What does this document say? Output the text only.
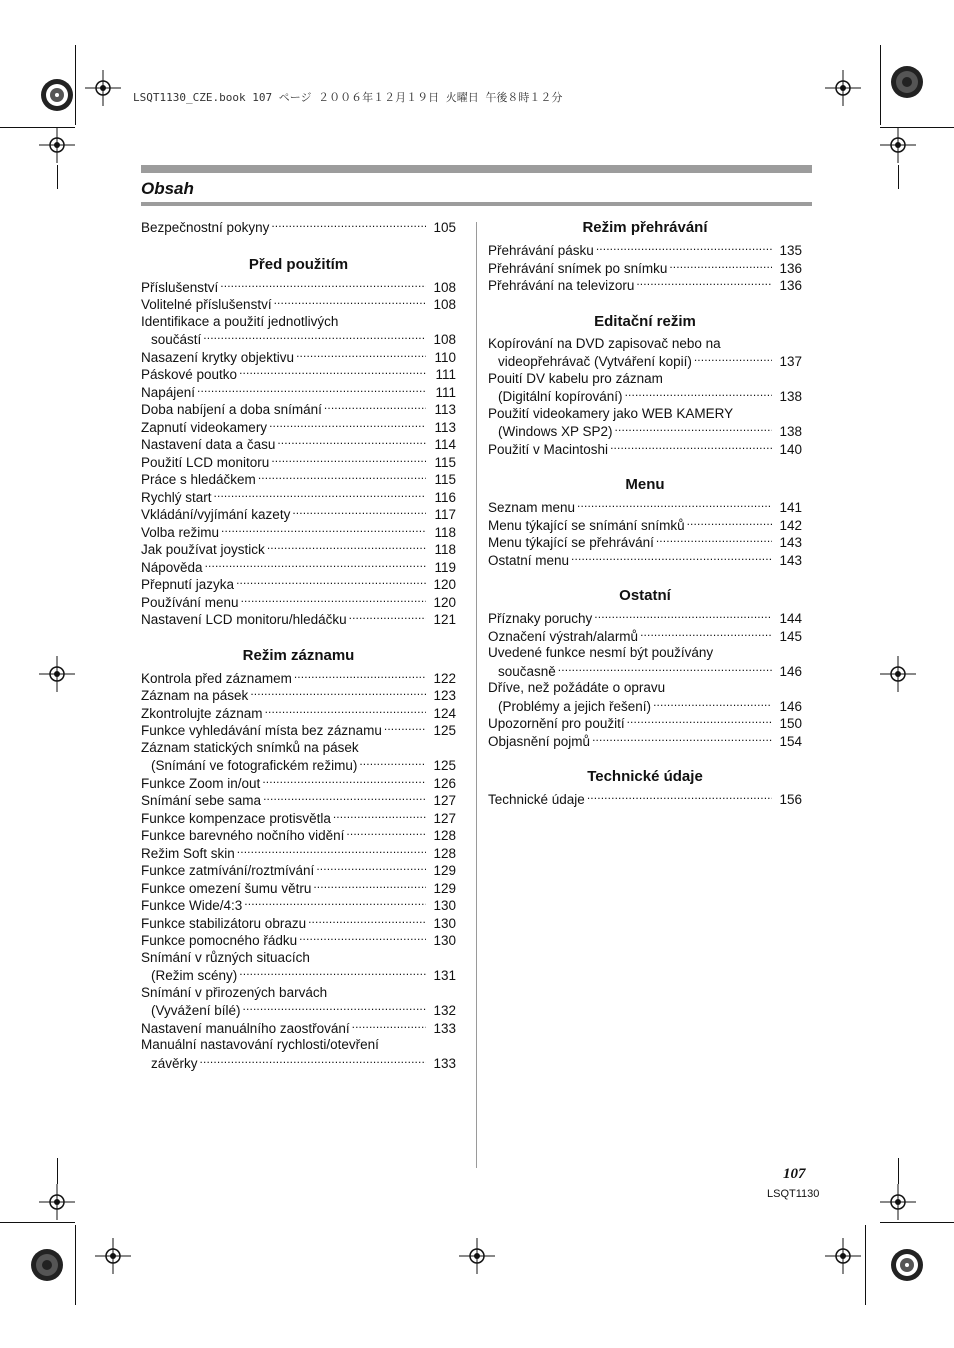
LSQT1130_CZE.book 107 ページ ２００６年１２月１９日 火曜日 午後８時１２分
Obsah
Bezpečnostní pokyny . . .	105
Před použitím
Příslušenství . . .	108
Volitelné příslušenství . . .	108
Identifikace a použití jednotlivých
součástí . . .	108
Nasazení krytky objektivu . . .	110
Páskové poutko . . .	111
Napájení . . .	111
Doba nabíjení a doba snímání . . .	113
Zapnutí videokamery . . .	113
Nastavení data a času . . .	114
Použití LCD monitoru . . .	115
Práce s hledáčkem . . .	115
Rychlý start . . .	116
Vkládání/vyjímání kazety . . .	117
Volba režimu . . .	118
Jak používat joystick . . .	118
Nápověda . . .	119
Přepnutí jazyka . . .	120
Používání menu . . .	120
Nastavení LCD monitoru/hledáčku . . .	121
Režim záznamu
Kontrola před záznamem . . .	122
Záznam na pásek . . .	123
Zkontrolujte záznam . . .	124
Funkce vyhledávání místa bez záznamu . . .	125
Záznam statických snímků na pásek
(Snímání ve fotografickém režimu) . . .	125
Funkce Zoom in/out . . .	126
Snímání sebe sama . . .	127
Funkce kompenzace protisvětla . . .	127
Funkce barevného nočního vidění . . .	128
Režim Soft skin . . .	128
Funkce zatmívání/roztmívání . . .	129
Funkce omezení šumu větru . . .	129
Funkce Wide/4:3 . . .	130
Funkce stabilizátoru obrazu . . .	130
Funkce pomocného řádku . . .	130
Snímání v různých situacích
(Režim scény) . . .	131
Snímání v přirozených barvách
(Vyvážení bílé) . . .	132
Nastavení manuálního zaostřování . . .	133
Manuální nastavování rychlosti/otevření
závěrky . . .	133
Režim přehrávání
Přehrávání pásku . . .	135
Přehrávání snímek po snímku . . .	136
Přehrávání na televizoru . . .	136
Editační režim
Kopírování na DVD zapisovač nebo na
videopřehrávač (Vytváření kopií) . . .	137
Pouití DV kabelu pro záznam
(Digitální kopírování) . . .	138
Použití videokamery jako WEB KAMERY
(Windows XP SP2) . . .	138
Použití v Macintoshi . . .	140
Menu
Seznam menu . . .	141
Menu týkající se snímání snímků . . .	142
Menu týkající se přehrávání . . .	143
Ostatní menu . . .	143
Ostatní
Příznaky poruchy . . .	144
Označení výstrah/alarmů . . .	145
Uvedené funkce nesmí být používány
současně . . .	146
Dříve, než požádáte o opravu
(Problémy a jejich řešení) . . .	146
Upozornění pro použití . . .	150
Objasnění pojmů . . .	154
Technické údaje
Technické údaje . . .	156
107
LSQT1130
